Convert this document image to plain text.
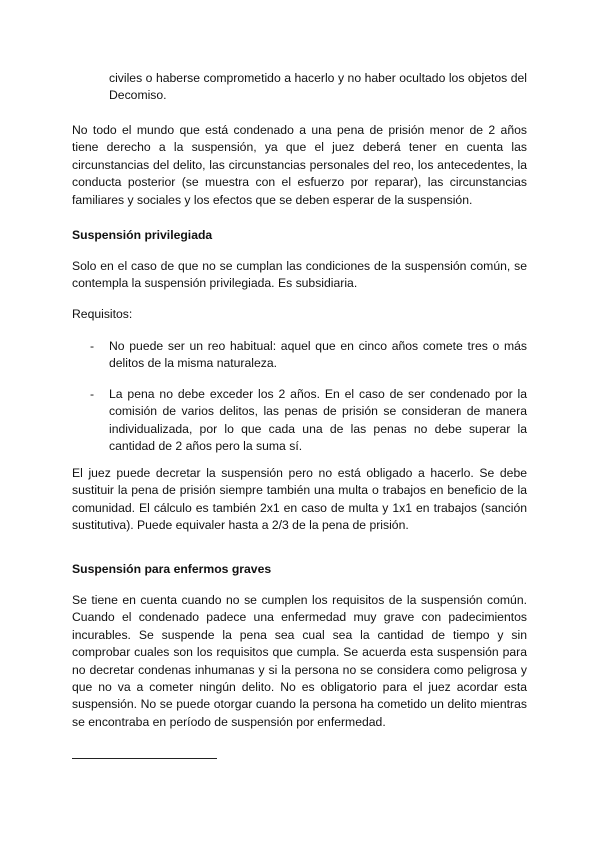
civiles o haberse comprometido a hacerlo y no haber ocultado los objetos del Decomiso.

No todo el mundo que está condenado a una pena de prisión menor de 2 años tiene derecho a la suspensión, ya que el juez deberá tener en cuenta las circunstancias del delito, las circunstancias personales del reo, los antecedentes, la conducta posterior (se muestra con el esfuerzo por reparar), las circunstancias familiares y sociales y los efectos que se deben esperar de la suspensión.

Suspensión privilegiada

Solo en el caso de que no se cumplan las condiciones de la suspensión común, se contempla la suspensión privilegiada. Es subsidiaria.

Requisitos:

- No puede ser un reo habitual: aquel que en cinco años comete tres o más delitos de la misma naturaleza.

- La pena no debe exceder los 2 años. En el caso de ser condenado por la comisión de varios delitos, las penas de prisión se consideran de manera individualizada, por lo que cada una de las penas no debe superar la cantidad de 2 años pero la suma sí.

El juez puede decretar la suspensión pero no está obligado a hacerlo. Se debe sustituir la pena de prisión siempre también una multa o trabajos en beneficio de la comunidad. El cálculo es también 2x1 en caso de multa y 1x1 en trabajos (sanción sustitutiva). Puede equivaler hasta a 2/3 de la pena de prisión.

Suspensión para enfermos graves

Se tiene en cuenta cuando no se cumplen los requisitos de la suspensión común. Cuando el condenado padece una enfermedad muy grave con padecimientos incurables. Se suspende la pena sea cual sea la cantidad de tiempo y sin comprobar cuales son los requisitos que cumpla. Se acuerda esta suspensión para no decretar condenas inhumanas y si la persona no se considera como peligrosa y que no va a cometer ningún delito. No es obligatorio para el juez acordar esta suspensión. No se puede otorgar cuando la persona ha cometido un delito mientras se encontraba en período de suspensión por enfermedad.
